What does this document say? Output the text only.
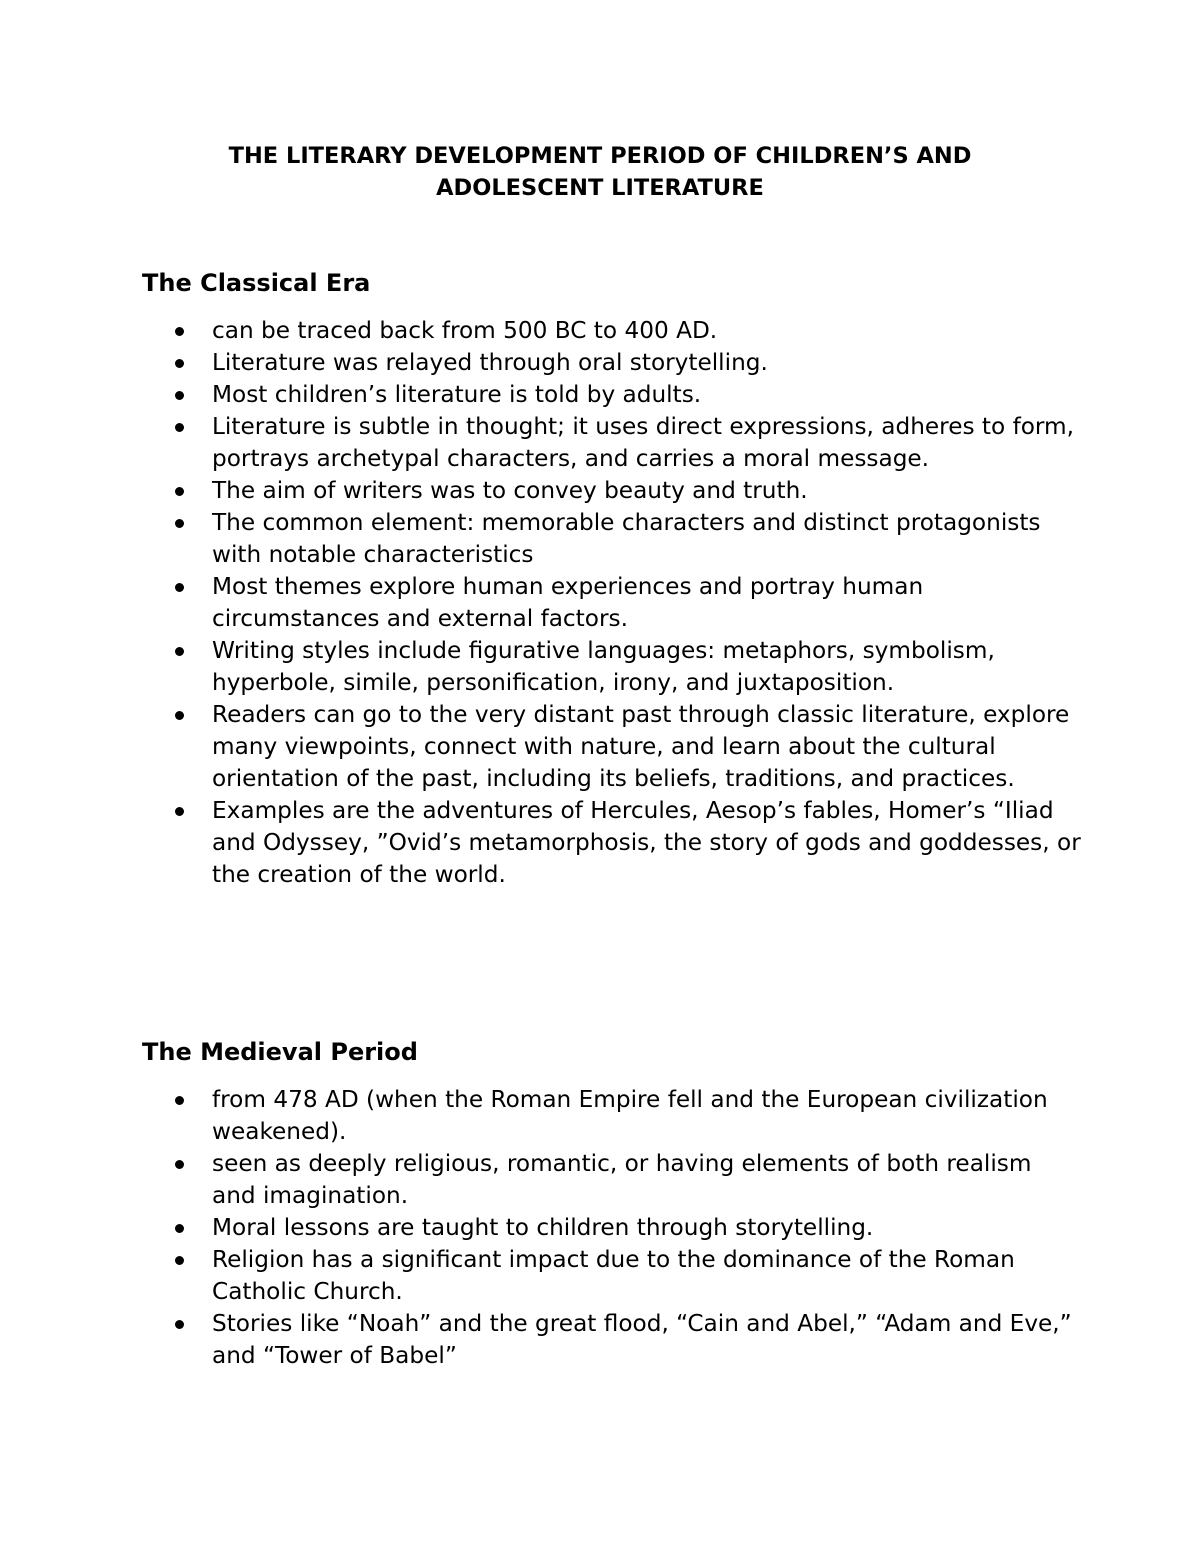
THE LITERARY DEVELOPMENT PERIOD OF CHILDREN’S AND
ADOLESCENT LITERATURE
The Classical Era
can be traced back from 500 BC to 400 AD.
Literature was relayed through oral storytelling.
Most children’s literature is told by adults.
Literature is subtle in thought; it uses direct expressions, adheres to form, portrays archetypal characters, and carries a moral message.
The aim of writers was to convey beauty and truth.
The common element: memorable characters and distinct protagonists with notable characteristics
Most themes explore human experiences and portray human circumstances and external factors.
Writing styles include figurative languages: metaphors, symbolism, hyperbole, simile, personification, irony, and juxtaposition.
Readers can go to the very distant past through classic literature, explore many viewpoints, connect with nature, and learn about the cultural orientation of the past, including its beliefs, traditions, and practices.
Examples are the adventures of Hercules, Aesop’s fables, Homer’s “Iliad and Odyssey, ”Ovid’s metamorphosis, the story of gods and goddesses, or the creation of the world.
The Medieval Period
from 478 AD (when the Roman Empire fell and the European civilization weakened).
seen as deeply religious, romantic, or having elements of both realism and imagination.
Moral lessons are taught to children through storytelling.
Religion has a significant impact due to the dominance of the Roman Catholic Church.
Stories like “Noah” and the great flood, “Cain and Abel,” “Adam and Eve,” and “Tower of Babel”
